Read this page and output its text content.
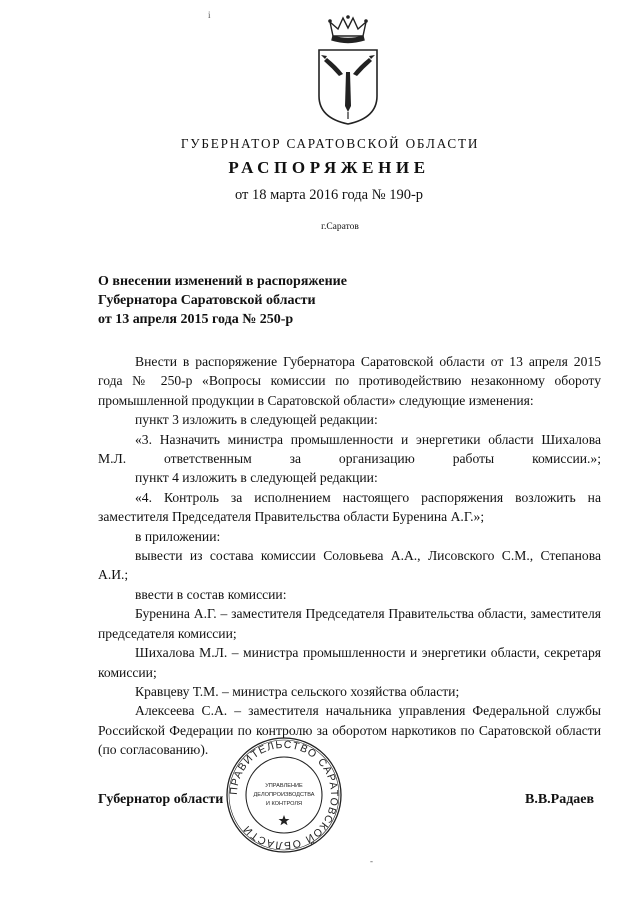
i
ГУБЕРНАТОР САРАТОВСКОЙ ОБЛАСТИ
РАСПОРЯЖЕНИЕ
от 18 марта 2016 года № 190-р
г.Саратов
О внесении изменений в распоряжение
Губернатора Саратовской области
от 13 апреля 2015 года № 250-р

Внести в распоряжение Губернатора Саратовской области от 13 апреля 2015 года № 250-р «Вопросы комиссии по противодействию незаконному обороту промышленной продукции в Саратовской области» следующие изменения:

пункт 3 изложить в следующей редакции:

«3. Назначить министра промышленности и энергетики области Шихалова М.Л. ответственным за организацию работы комиссии.»;

пункт 4 изложить в следующей редакции:

«4. Контроль за исполнением настоящего распоряжения возложить на заместителя Председателя Правительства области Буренина А.Г.»;

в приложении:

вывести из состава комиссии Соловьева А.А., Лисовского С.М., Степанова А.И.;

ввести в состав комиссии:

Буренина А.Г. – заместителя Председателя Правительства области, заместителя председателя комиссии;

Шихалова М.Л. – министра промышленности и энергетики области, секретаря комиссии;

Кравцеву Т.М. – министра сельского хозяйства области;

Алексеева С.А. – заместителя начальника управления Федеральной службы Российской Федерации по контролю за оборотом наркотиков по Саратовской области (по согласованию).

Губернатор области	В.В.Радаев
ПРАВИТЕЛЬСТВО САРАТОВСКОЙ ОБЛАСТИ
УПРАВЛЕНИЕ
ДЕЛОПРОИЗВОДСТВА
И КОНТРОЛЯ
-
